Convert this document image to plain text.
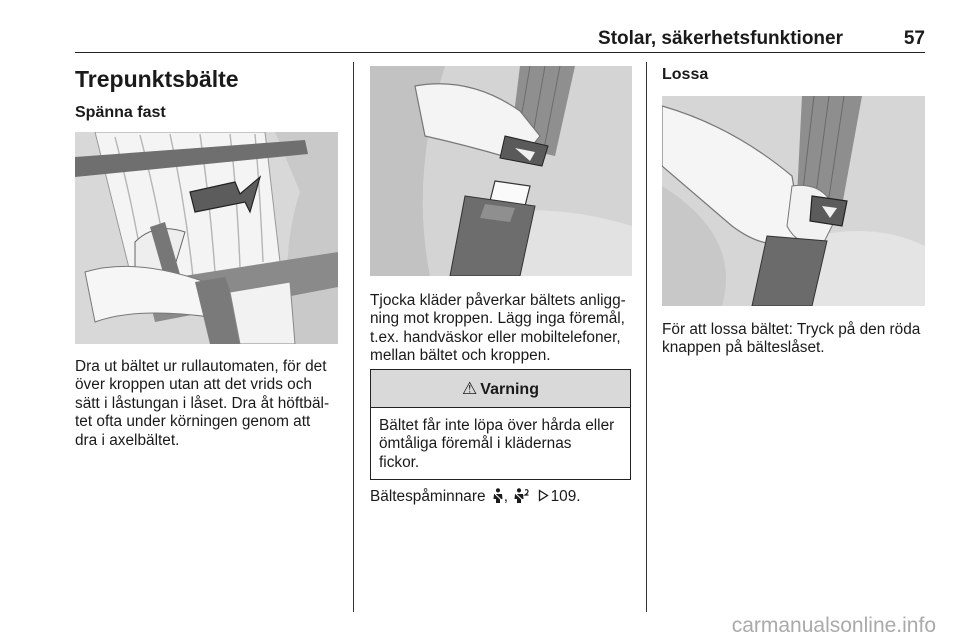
Stolar, säkerhetsfunktioner	57
Trepunktsbälte
Spänna fast
Dra ut bältet ur rullautomaten, för det
över kroppen utan att det vrids och
sätt i låstungan i låset. Dra åt höftbäl-
tet ofta under körningen genom att
dra i axelbältet.
Tjocka kläder påverkar bältets anligg-
ning mot kroppen. Lägg inga föremål,
t.ex. handväskor eller mobiltelefoner,
mellan bältet och kroppen.
⚠ Varning
Bältet får inte löpa över hårda eller
ömtåliga föremål i klädernas
fickor.
Bältespåminnare ,	109.
Lossa
För att lossa bältet: Tryck på den röda
knappen på bälteslåset.
carmanualsonline.info
